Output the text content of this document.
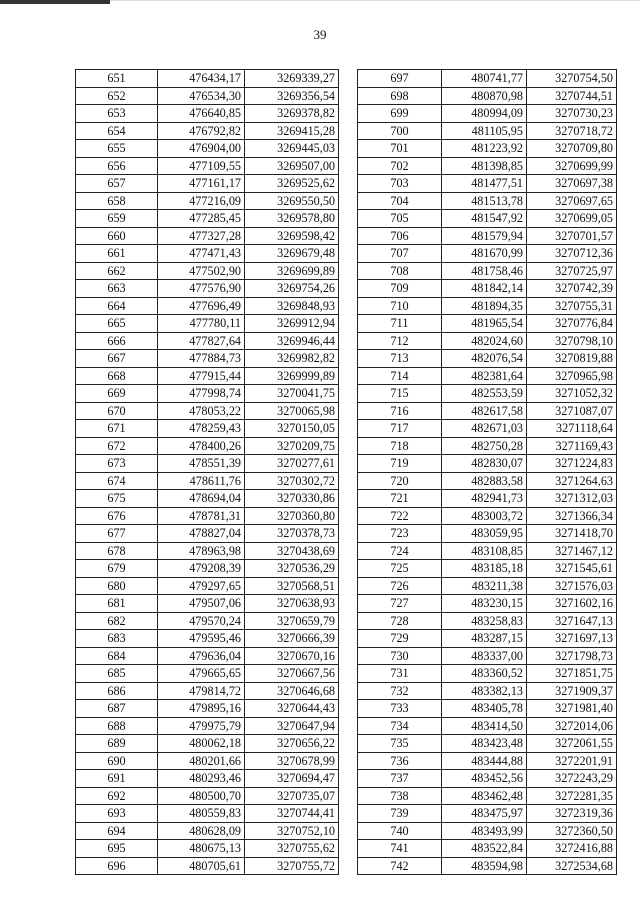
39
651	476434,17	3269339,27
652	476534,30	3269356,54
653	476640,85	3269378,82
654	476792,82	3269415,28
655	476904,00	3269445,03
656	477109,55	3269507,00
657	477161,17	3269525,62
658	477216,09	3269550,50
659	477285,45	3269578,80
660	477327,28	3269598,42
661	477471,43	3269679,48
662	477502,90	3269699,89
663	477576,90	3269754,26
664	477696,49	3269848,93
665	477780,11	3269912,94
666	477827,64	3269946,44
667	477884,73	3269982,82
668	477915,44	3269999,89
669	477998,74	3270041,75
670	478053,22	3270065,98
671	478259,43	3270150,05
672	478400,26	3270209,75
673	478551,39	3270277,61
674	478611,76	3270302,72
675	478694,04	3270330,86
676	478781,31	3270360,80
677	478827,04	3270378,73
678	478963,98	3270438,69
679	479208,39	3270536,29
680	479297,65	3270568,51
681	479507,06	3270638,93
682	479570,24	3270659,79
683	479595,46	3270666,39
684	479636,04	3270670,16
685	479665,65	3270667,56
686	479814,72	3270646,68
687	479895,16	3270644,43
688	479975,79	3270647,94
689	480062,18	3270656,22
690	480201,66	3270678,99
691	480293,46	3270694,47
692	480500,70	3270735,07
693	480559,83	3270744,41
694	480628,09	3270752,10
695	480675,13	3270755,62
696	480705,61	3270755,72
697	480741,77	3270754,50
698	480870,98	3270744,51
699	480994,09	3270730,23
700	481105,95	3270718,72
701	481223,92	3270709,80
702	481398,85	3270699,99
703	481477,51	3270697,38
704	481513,78	3270697,65
705	481547,92	3270699,05
706	481579,94	3270701,57
707	481670,99	3270712,36
708	481758,46	3270725,97
709	481842,14	3270742,39
710	481894,35	3270755,31
711	481965,54	3270776,84
712	482024,60	3270798,10
713	482076,54	3270819,88
714	482381,64	3270965,98
715	482553,59	3271052,32
716	482617,58	3271087,07
717	482671,03	3271118,64
718	482750,28	3271169,43
719	482830,07	3271224,83
720	482883,58	3271264,63
721	482941,73	3271312,03
722	483003,72	3271366,34
723	483059,95	3271418,70
724	483108,85	3271467,12
725	483185,18	3271545,61
726	483211,38	3271576,03
727	483230,15	3271602,16
728	483258,83	3271647,13
729	483287,15	3271697,13
730	483337,00	3271798,73
731	483360,52	3271851,75
732	483382,13	3271909,37
733	483405,78	3271981,40
734	483414,50	3272014,06
735	483423,48	3272061,55
736	483444,88	3272201,91
737	483452,56	3272243,29
738	483462,48	3272281,35
739	483475,97	3272319,36
740	483493,99	3272360,50
741	483522,84	3272416,88
742	483594,98	3272534,68
